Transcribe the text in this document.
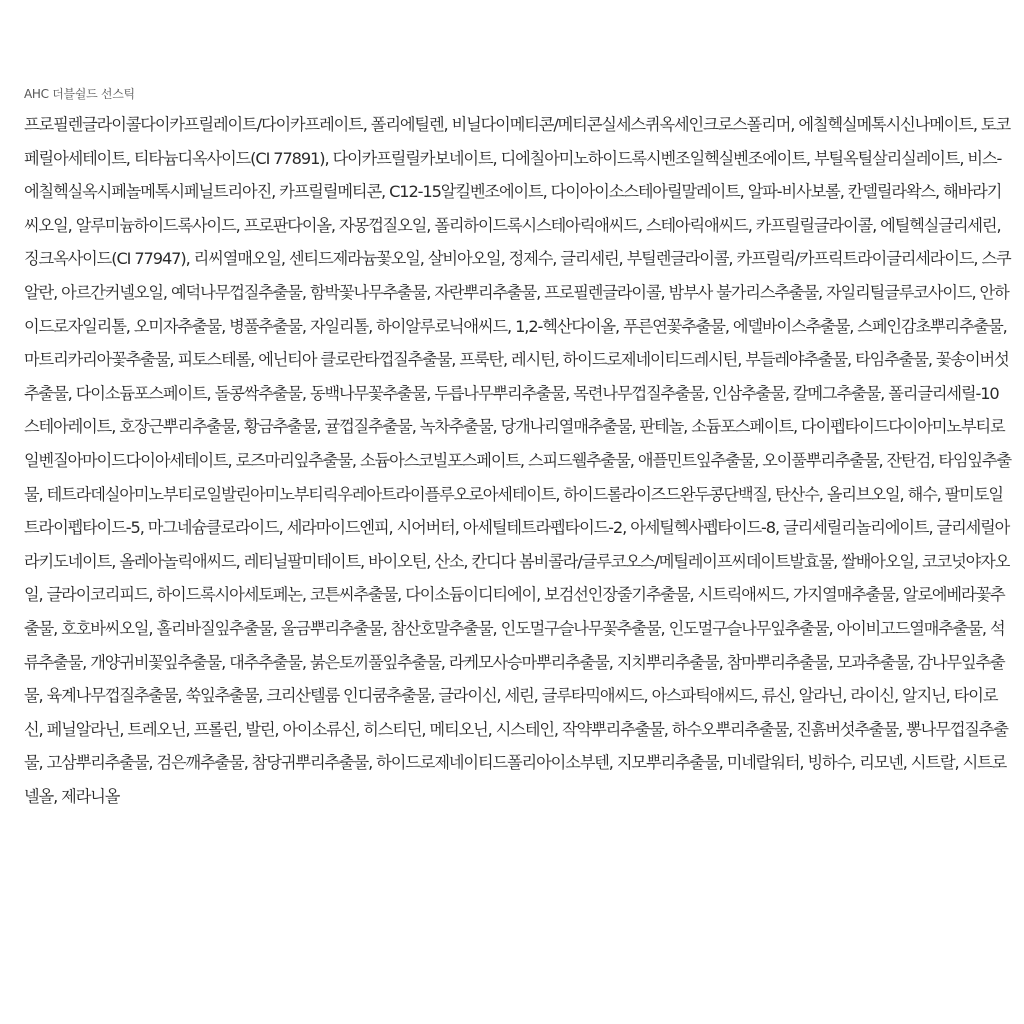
AHC 더블쉴드 선스틱

프로필렌글라이콜다이카프릴레이트/다이카프레이트, 폴리에틸렌, 비닐다이메티콘/메티콘실세스퀴옥세인크로스폴리머, 에칠헥실메톡시신나메이트, 토코페릴아세테이트, 티타늄디옥사이드(CI 77891), 다이카프릴릴카보네이트, 디에칠아미노하이드록시벤조일헥실벤조에이트, 부틸옥틸살리실레이트, 비스-에칠헥실옥시페놀메톡시페닐트리아진, 카프릴릴메티콘, C12-15알킬벤조에이트, 다이아이소스테아릴말레이트, 알파-비사보롤, 칸델릴라왁스, 해바라기씨오일, 알루미늄하이드록사이드, 프로판다이올, 자몽껍질오일, 폴리하이드록시스테아릭애씨드, 스테아릭애씨드, 카프릴릴글라이콜, 에틸헥실글리세린, 징크옥사이드(CI 77947), 리씨열매오일, 센티드제라늄꽃오일, 살비아오일, 정제수, 글리세린, 부틸렌글라이콜, 카프릴릭/카프릭트라이글리세라이드, 스쿠알란, 아르간커넬오일, 예덕나무껍질추출물, 함박꽃나무추출물, 자란뿌리추출물, 프로필렌글라이콜, 밤부사 불가리스추출물, 자일리틸글루코사이드, 안하이드로자일리톨, 오미자추출물, 병풀추출물, 자일리톨, 하이알루로닉애씨드, 1,2-헥산다이올, 푸른연꽃추출물, 에델바이스추출물, 스페인감초뿌리추출물, 마트리카리아꽃추출물, 피토스테롤, 에닌티아 클로란타껍질추출물, 프룩탄, 레시틴, 하이드로제네이티드레시틴, 부들레야추출물, 타임추출물, 꽃송이버섯추출물, 다이소듐포스페이트, 돌콩싹추출물, 동백나무꽃추출물, 두릅나무뿌리추출물, 목련나무껍질추출물, 인삼추출물, 칼메그추출물, 폴리글리세릴-10스테아레이트, 호장근뿌리추출물, 황금추출물, 귤껍질추출물, 녹차추출물, 당개나리열매추출물, 판테놀, 소듐포스페이트, 다이펩타이드다이아미노부티로일벤질아마이드다이아세테이트, 로즈마리잎추출물, 소듐아스코빌포스페이트, 스피드웰추출물, 애플민트잎추출물, 오이풀뿌리추출물, 잔탄검, 타임잎추출물, 테트라데실아미노부티로일발린아미노부티릭우레아트라이플루오로아세테이트, 하이드롤라이즈드완두콩단백질, 탄산수, 올리브오일, 해수, 팔미토일트라이펩타이드-5, 마그네슘클로라이드, 세라마이드엔피, 시어버터, 아세틸테트라펩타이드-2, 아세틸헥사펩타이드-8, 글리세릴리놀리에이트, 글리세릴아라키도네이트, 올레아놀릭애씨드, 레티닐팔미테이트, 바이오틴, 산소, 칸디다 봄비콜라/글루코오스/메틸레이프씨데이트발효물, 쌀배아오일, 코코넛야자오일, 글라이코리피드, 하이드록시아세토페논, 코튼씨추출물, 다이소듐이디티에이, 보검선인장줄기추출물, 시트릭애씨드, 가지열매추출물, 알로에베라꽃추출물, 호호바씨오일, 홀리바질잎추출물, 울금뿌리추출물, 참산호말추출물, 인도멀구슬나무꽃추출물, 인도멀구슬나무잎추출물, 아이비고드열매추출물, 석류추출물, 개양귀비꽃잎추출물, 대추추출물, 붉은토끼풀잎추출물, 라케모사승마뿌리추출물, 지치뿌리추출물, 참마뿌리추출물, 모과추출물, 감나무잎추출물, 육계나무껍질추출물, 쑥잎추출물, 크리산텔룸 인디쿰추출물, 글라이신, 세린, 글루타믹애씨드, 아스파틱애씨드, 류신, 알라닌, 라이신, 알지닌, 타이로신, 페닐알라닌, 트레오닌, 프롤린, 발린, 아이소류신, 히스티딘, 메티오닌, 시스테인, 작약뿌리추출물, 하수오뿌리추출물, 진흙버섯추출물, 뽕나무껍질추출물, 고삼뿌리추출물, 검은깨추출물, 참당귀뿌리추출물, 하이드로제네이티드폴리아이소부텐, 지모뿌리추출물, 미네랄워터, 빙하수, 리모넨, 시트랄, 시트로넬올, 제라니올
